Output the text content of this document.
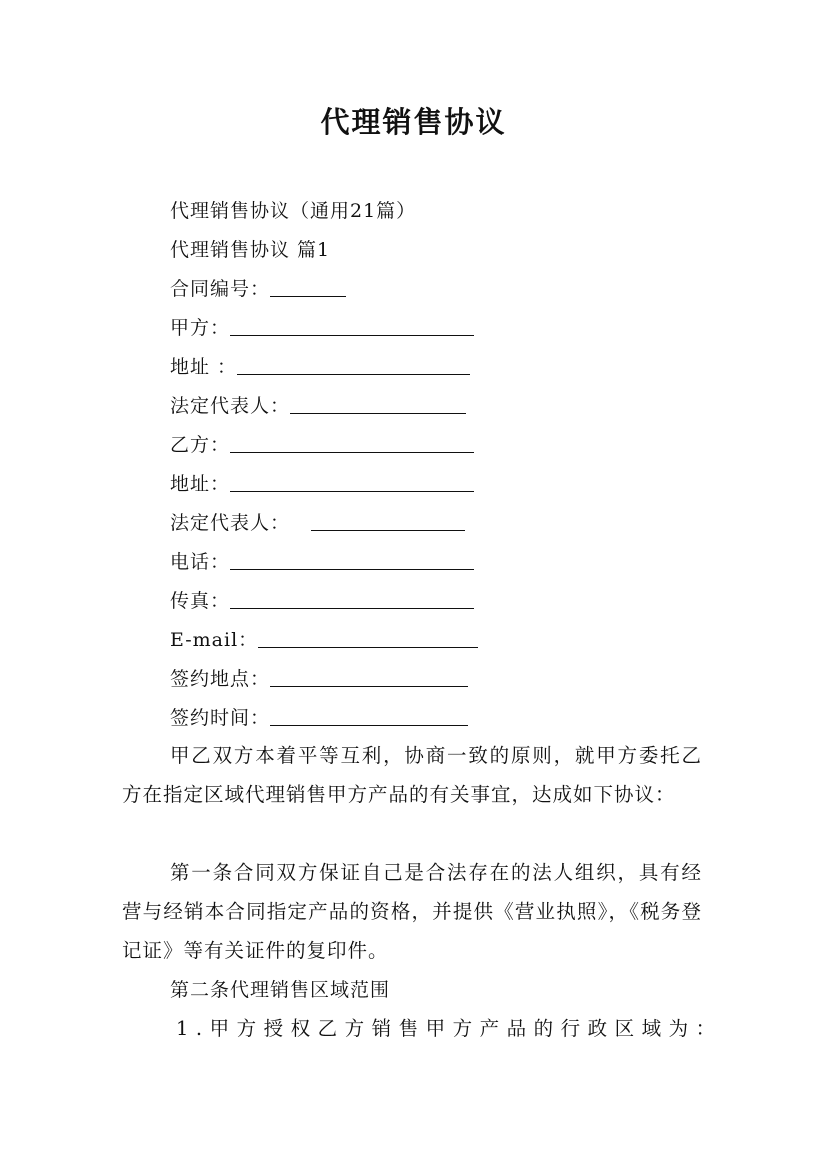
代理销售协议
代理销售协议（通用21篇）
代理销售协议 篇1
合同编号：
甲方：
地址 ：
法定代表人：
乙方：
地址：
法定代表人：
电话：
传真：
E-mail：
签约地点：
签约时间：
甲乙双方本着平等互利，协商一致的原则，就甲方委托乙方在指定区域代理销售甲方产品的有关事宜，达成如下协议：
第一条合同双方保证自己是合法存在的法人组织，具有经营与经销本合同指定产品的资格，并提供《营业执照》，《税务登记证》等有关证件的复印件。
第二条代理销售区域范围
1.甲方授权乙方销售甲方产品的行政区域为：
